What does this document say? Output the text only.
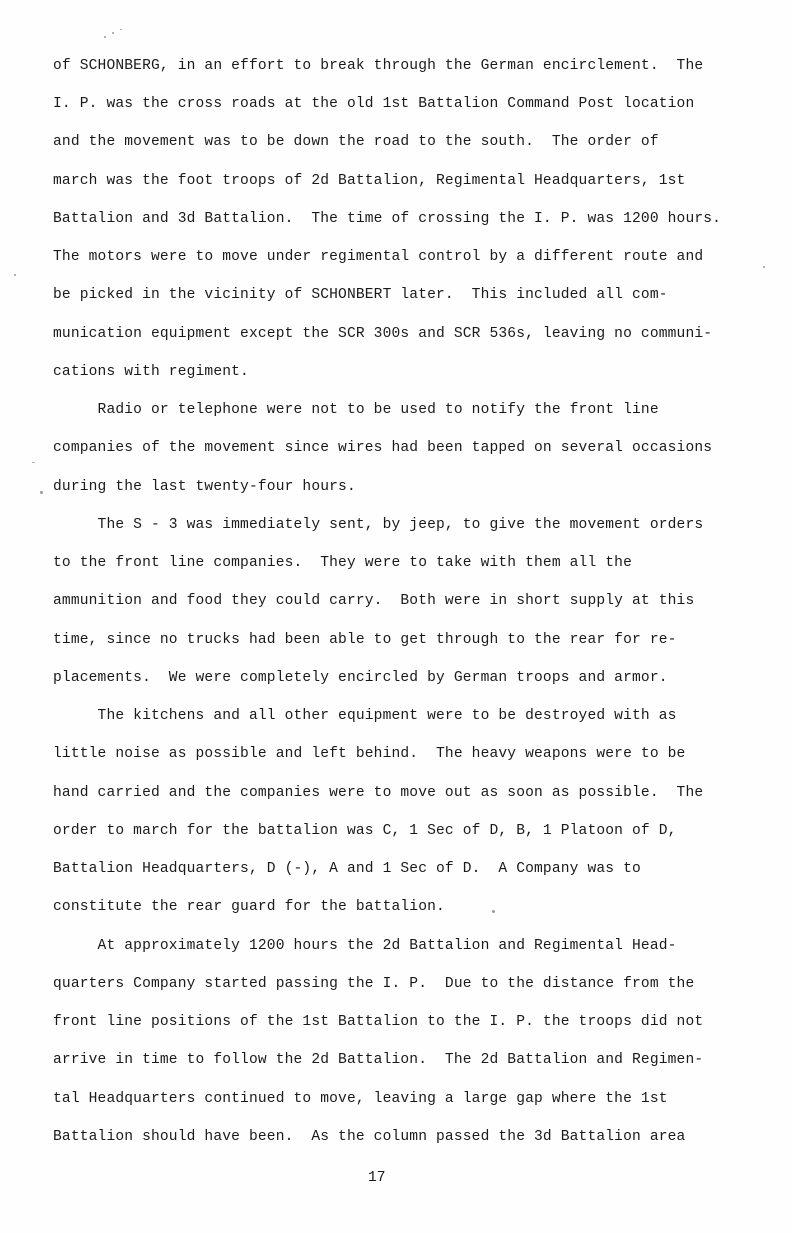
of SCHONBERG, in an effort to break through the German encirclement.  The
I. P. was the cross roads at the old 1st Battalion Command Post location
and the movement was to be down the road to the south.  The order of
march was the foot troops of 2d Battalion, Regimental Headquarters, 1st
Battalion and 3d Battalion.  The time of crossing the I. P. was 1200 hours.
The motors were to move under regimental control by a different route and
be picked in the vicinity of SCHONBERT later.  This included all com-
munication equipment except the SCR 300s and SCR 536s, leaving no communi-
cations with regiment.
Radio or telephone were not to be used to notify the front line
companies of the movement since wires had been tapped on several occasions
during the last twenty-four hours.
The S - 3 was immediately sent, by jeep, to give the movement orders
to the front line companies.  They were to take with them all the
ammunition and food they could carry.  Both were in short supply at this
time, since no trucks had been able to get through to the rear for re-
placements.  We were completely encircled by German troops and armor.
The kitchens and all other equipment were to be destroyed with as
little noise as possible and left behind.  The heavy weapons were to be
hand carried and the companies were to move out as soon as possible.  The
order to march for the battalion was C, 1 Sec of D, B, 1 Platoon of D,
Battalion Headquarters, D (-), A and 1 Sec of D.  A Company was to
constitute the rear guard for the battalion.
At approximately 1200 hours the 2d Battalion and Regimental Head-
quarters Company started passing the I. P.  Due to the distance from the
front line positions of the 1st Battalion to the I. P. the troops did not
arrive in time to follow the 2d Battalion.  The 2d Battalion and Regimen-
tal Headquarters continued to move, leaving a large gap where the 1st
Battalion should have been.  As the column passed the 3d Battalion area
17
